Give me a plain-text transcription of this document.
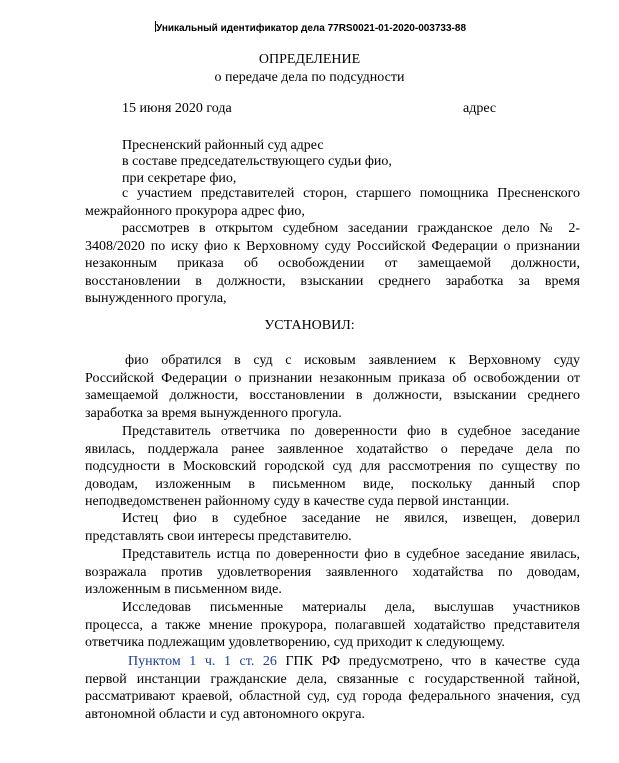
Уникальный идентификатор дела 77RS0021-01-2020-003733-88
ОПРЕДЕЛЕНИЕ
о передаче дела по подсудности
15 июня 2020 года	адрес
Пресненский районный суд адрес
в составе председательствующего судьи фио,
при секретаре фио,
с участием представителей сторон, старшего помощника Пресненского
межрайонного прокурора адрес фио,
рассмотрев в открытом судебном заседании гражданское дело № 2-
3408/2020 по иску фио к Верховному суду Российской Федерации о признании
незаконным приказа об освобождении от замещаемой должности,
восстановлении в должности, взыскании среднего заработка за время
вынужденного прогула,
УСТАНОВИЛ:
фио обратился в суд с исковым заявлением к Верховному суду
Российской Федерации о признании незаконным приказа об освобождении от
замещаемой должности, восстановлении в должности, взыскании среднего
заработка за время вынужденного прогула.
Представитель ответчика по доверенности фио в судебное заседание
явилась, поддержала ранее заявленное ходатайство о передаче дела по
подсудности в Московский городской суд для рассмотрения по существу по
доводам, изложенным в письменном виде, поскольку данный спор
неподведомственен районному суду в качестве суда первой инстанции.
Истец фио в судебное заседание не явился, извещен, доверил
представлять свои интересы представителю.
Представитель истца по доверенности фио в судебное заседание явилась,
возражала против удовлетворения заявленного ходатайства по доводам,
изложенным в письменном виде.
Исследовав письменные материалы дела, выслушав участников
процесса, а также мнение прокурора, полагавшей ходатайство представителя
ответчика подлежащим удовлетворению, суд приходит к следующему.
Пунктом 1 ч. 1 ст. 26 ГПК РФ предусмотрено, что в качестве суда
первой инстанции гражданские дела, связанные с государственной тайной,
рассматривают краевой, областной суд, суд города федерального значения, суд
автономной области и суд автономного округа.
